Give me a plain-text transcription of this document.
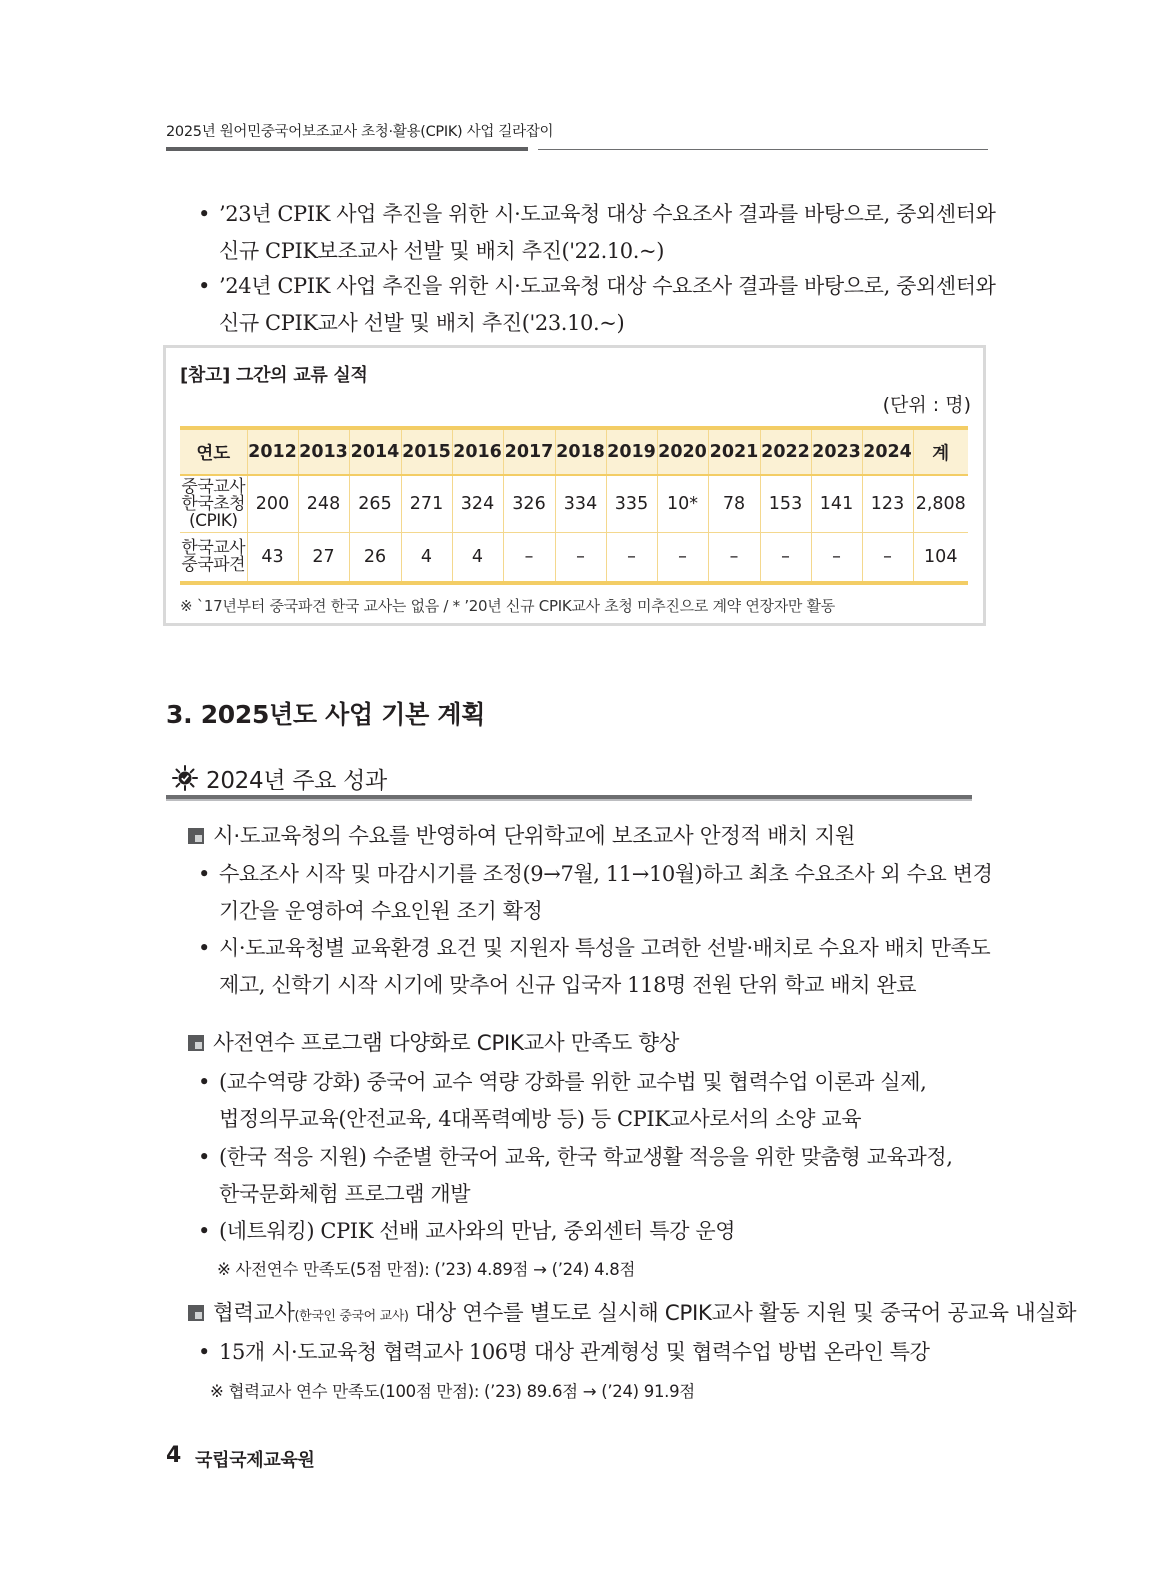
2025년 원어민중국어보조교사 초청·활용(CPIK) 사업 길라잡이
• ’23년 CPIK 사업 추진을 위한 시·도교육청 대상 수요조사 결과를 바탕으로, 중외센터와
신규 CPIK보조교사 선발 및 배치 추진('22.10.~)
• ’24년 CPIK 사업 추진을 위한 시·도교육청 대상 수요조사 결과를 바탕으로, 중외센터와
신규 CPIK교사 선발 및 배치 추진('23.10.~)
[참고] 그간의 교류 실적
(단위 : 명)
연도	2012	2013	2014	2015	2016	2017	2018	2019	2020	2021	2022	2023	2024	계

중국교사
한국초청
(CPIK)	200	248	265	271	324	326	334	335	10*	78	153	141	123	2,808

한국교사
중국파견	43	27	26	4	4	–	–	–	–	–	–	–	–	104
※ `17년부터 중국파견 한국 교사는 없음 / * ’20년 신규 CPIK교사 초청 미추진으로 계약 연장자만 활동
3. 2025년도 사업 기본 계획
2024년 주요 성과
시·도교육청의 수요를 반영하여 단위학교에 보조교사 안정적 배치 지원
• 수요조사 시작 및 마감시기를 조정(9→7월, 11→10월)하고 최초 수요조사 외 수요 변경
기간을 운영하여 수요인원 조기 확정
• 시·도교육청별 교육환경 요건 및 지원자 특성을 고려한 선발·배치로 수요자 배치 만족도
제고, 신학기 시작 시기에 맞추어 신규 입국자 118명 전원 단위 학교 배치 완료
사전연수 프로그램 다양화로 CPIK교사 만족도 향상
• (교수역량 강화) 중국어 교수 역량 강화를 위한 교수법 및 협력수업 이론과 실제,
법정의무교육(안전교육, 4대폭력예방 등) 등 CPIK교사로서의 소양 교육
• (한국 적응 지원) 수준별 한국어 교육, 한국 학교생활 적응을 위한 맞춤형 교육과정,
한국문화체험 프로그램 개발
• (네트워킹) CPIK 선배 교사와의 만남, 중외센터 특강 운영
※ 사전연수 만족도(5점 만점): (’23) 4.89점 → (’24) 4.8점
협력교사(한국인 중국어 교사) 대상 연수를 별도로 실시해 CPIK교사 활동 지원 및 중국어 공교육 내실화
• 15개 시·도교육청 협력교사 106명 대상 관계형성 및 협력수업 방법 온라인 특강
※ 협력교사 연수 만족도(100점 만점): (’23) 89.6점 → (’24) 91.9점
4 국립국제교육원
